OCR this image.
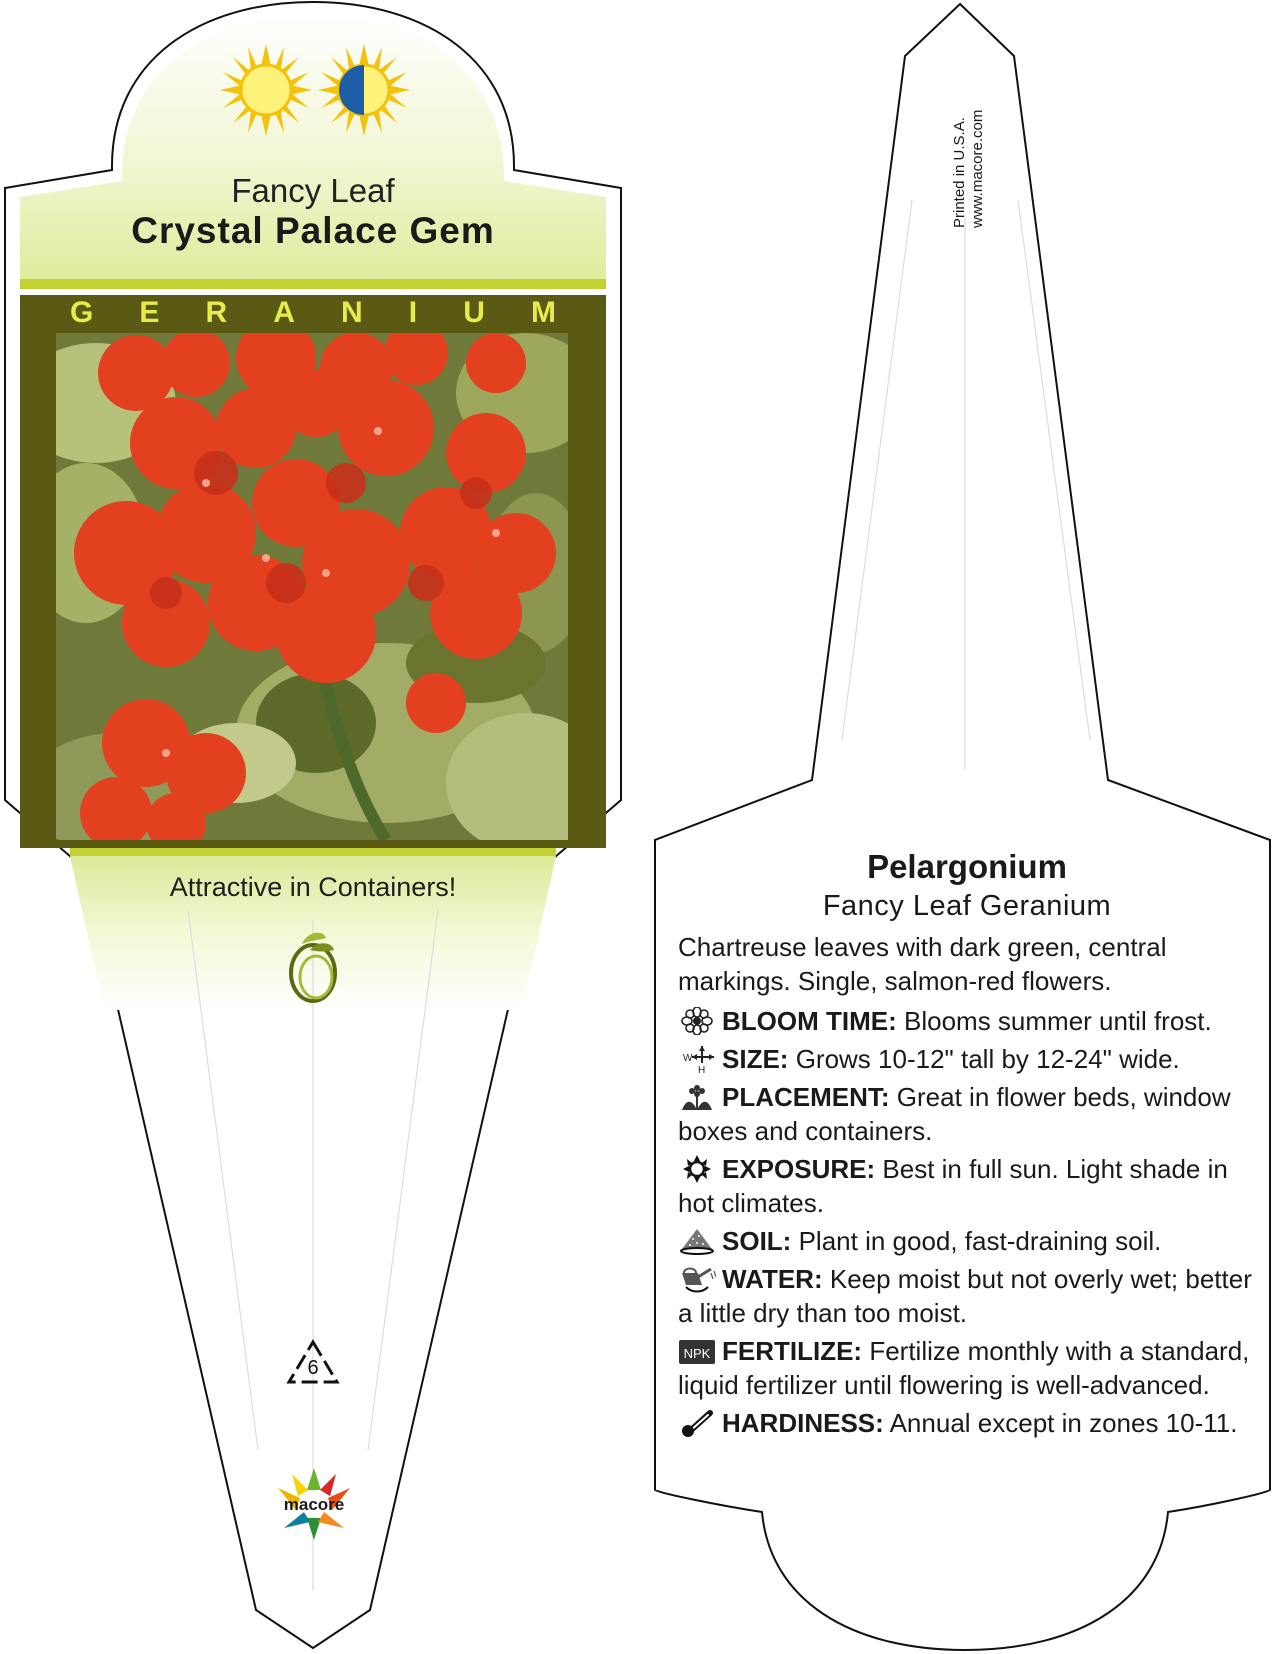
Fancy Leaf
Crystal Palace Gem
G E R A N I U M
Attractive in Containers!
6
macore
Printed in U.S.A. www.macore.com
Pelargonium
Fancy Leaf Geranium
Chartreuse leaves with dark green, central markings. Single, salmon-red flowers.
BLOOM TIME: Blooms summer until frost.
W
H SIZE: Grows 10-12" tall by 12-24" wide.
PLACEMENT: Great in flower beds, window boxes and containers.
EXPOSURE: Best in full sun. Light shade in hot climates.
SOIL: Plant in good, fast-draining soil.
WATER: Keep moist but not overly wet; better a little dry than too moist.
NPK FERTILIZE: Fertilize monthly with a standard, liquid fertilizer until flowering is well-advanced.
HARDINESS: Annual except in zones 10-11.
